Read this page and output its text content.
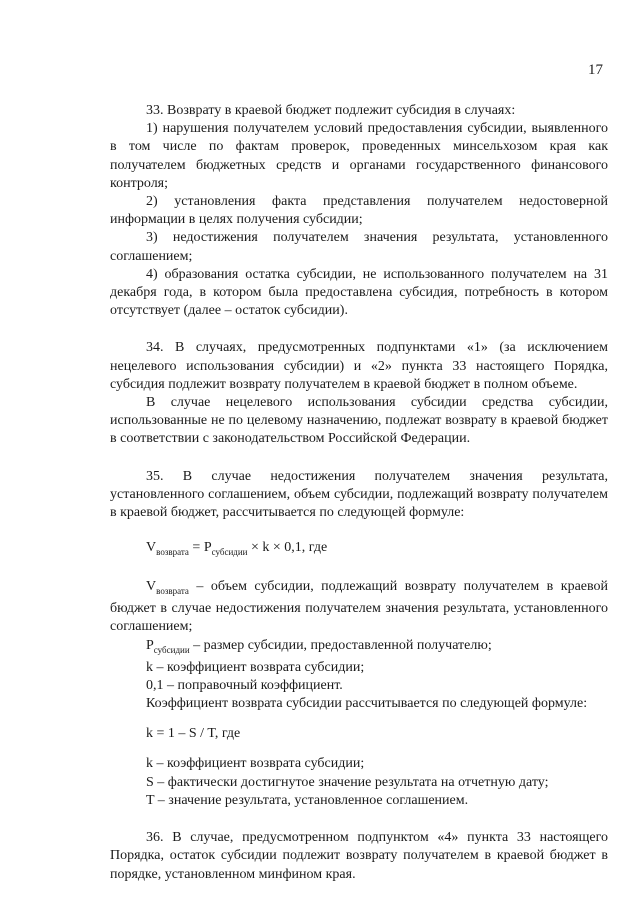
17

33. Возврату в краевой бюджет подлежит субсидия в случаях:

1) нарушения получателем условий предоставления субсидии, выявленного в том числе по фактам проверок, проведенных минсельхозом края как получателем бюджетных средств и органами государственного финансового контроля;

2) установления факта представления получателем недостоверной информации в целях получения субсидии;

3) недостижения получателем значения результата, установленного соглашением;

4) образования остатка субсидии, не использованного получателем на 31 декабря года, в котором была предоставлена субсидия, потребность в котором отсутствует (далее – остаток субсидии).

34. В случаях, предусмотренных подпунктами «1» (за исключением нецелевого использования субсидии) и «2» пункта 33 настоящего Порядка, субсидия подлежит возврату получателем в краевой бюджет в полном объеме.

В случае нецелевого использования субсидии средства субсидии, использованные не по целевому назначению, подлежат возврату в краевой бюджет в соответствии с законодательством Российской Федерации.

35. В случае недостижения получателем значения результата, установленного соглашением, объем субсидии, подлежащий возврату получателем в краевой бюджет, рассчитывается по следующей формуле:

$V_{возврата} = P_{субсидии} \times k \times 0,1$, где

$V_{возврата}$ – объем субсидии, подлежащий возврату получателем в краевой бюджет в случае недостижения получателем значения результата, установленного соглашением;

$P_{субсидии}$ – размер субсидии, предоставленной получателю;

k – коэффициент возврата субсидии;

0,1 – поправочный коэффициент.

Коэффициент возврата субсидии рассчитывается по следующей формуле:

k = 1 – S / T, где

k – коэффициент возврата субсидии;

S – фактически достигнутое значение результата на отчетную дату;

T – значение результата, установленное соглашением.

36. В случае, предусмотренном подпунктом «4» пункта 33 настоящего Порядка, остаток субсидии подлежит возврату получателем в краевой бюджет в порядке, установленном минфином края.
